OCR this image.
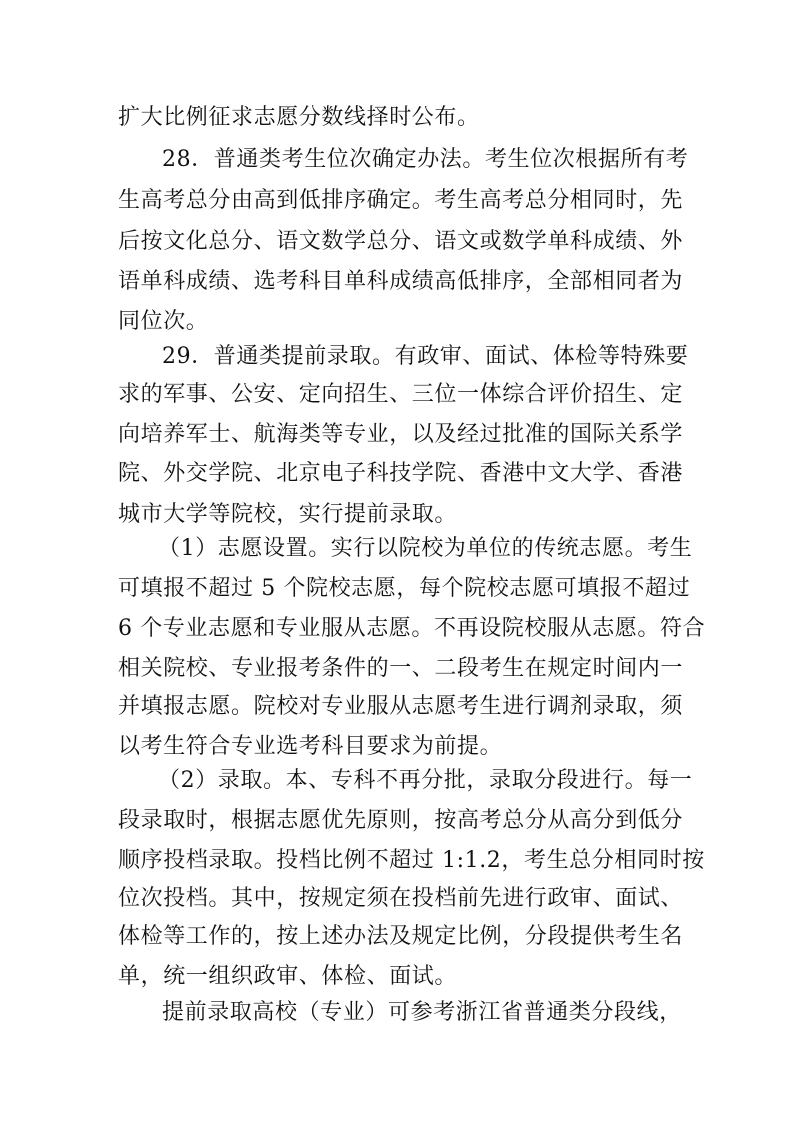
扩大比例征求志愿分数线择时公布。
28．普通类考生位次确定办法。考生位次根据所有考
生高考总分由高到低排序确定。考生高考总分相同时，先
后按文化总分、语文数学总分、语文或数学单科成绩、外
语单科成绩、选考科目单科成绩高低排序，全部相同者为
同位次。
29．普通类提前录取。有政审、面试、体检等特殊要
求的军事、公安、定向招生、三位一体综合评价招生、定
向培养军士、航海类等专业，以及经过批准的国际关系学
院、外交学院、北京电子科技学院、香港中文大学、香港
城市大学等院校，实行提前录取。
（1）志愿设置。实行以院校为单位的传统志愿。考生
可填报不超过 5 个院校志愿，每个院校志愿可填报不超过
6 个专业志愿和专业服从志愿。不再设院校服从志愿。符合
相关院校、专业报考条件的一、二段考生在规定时间内一
并填报志愿。院校对专业服从志愿考生进行调剂录取，须
以考生符合专业选考科目要求为前提。
（2）录取。本、专科不再分批，录取分段进行。每一
段录取时，根据志愿优先原则，按高考总分从高分到低分
顺序投档录取。投档比例不超过 1:1.2，考生总分相同时按
位次投档。其中，按规定须在投档前先进行政审、面试、
体检等工作的，按上述办法及规定比例，分段提供考生名
单，统一组织政审、体检、面试。
提前录取高校（专业）可参考浙江省普通类分段线，
